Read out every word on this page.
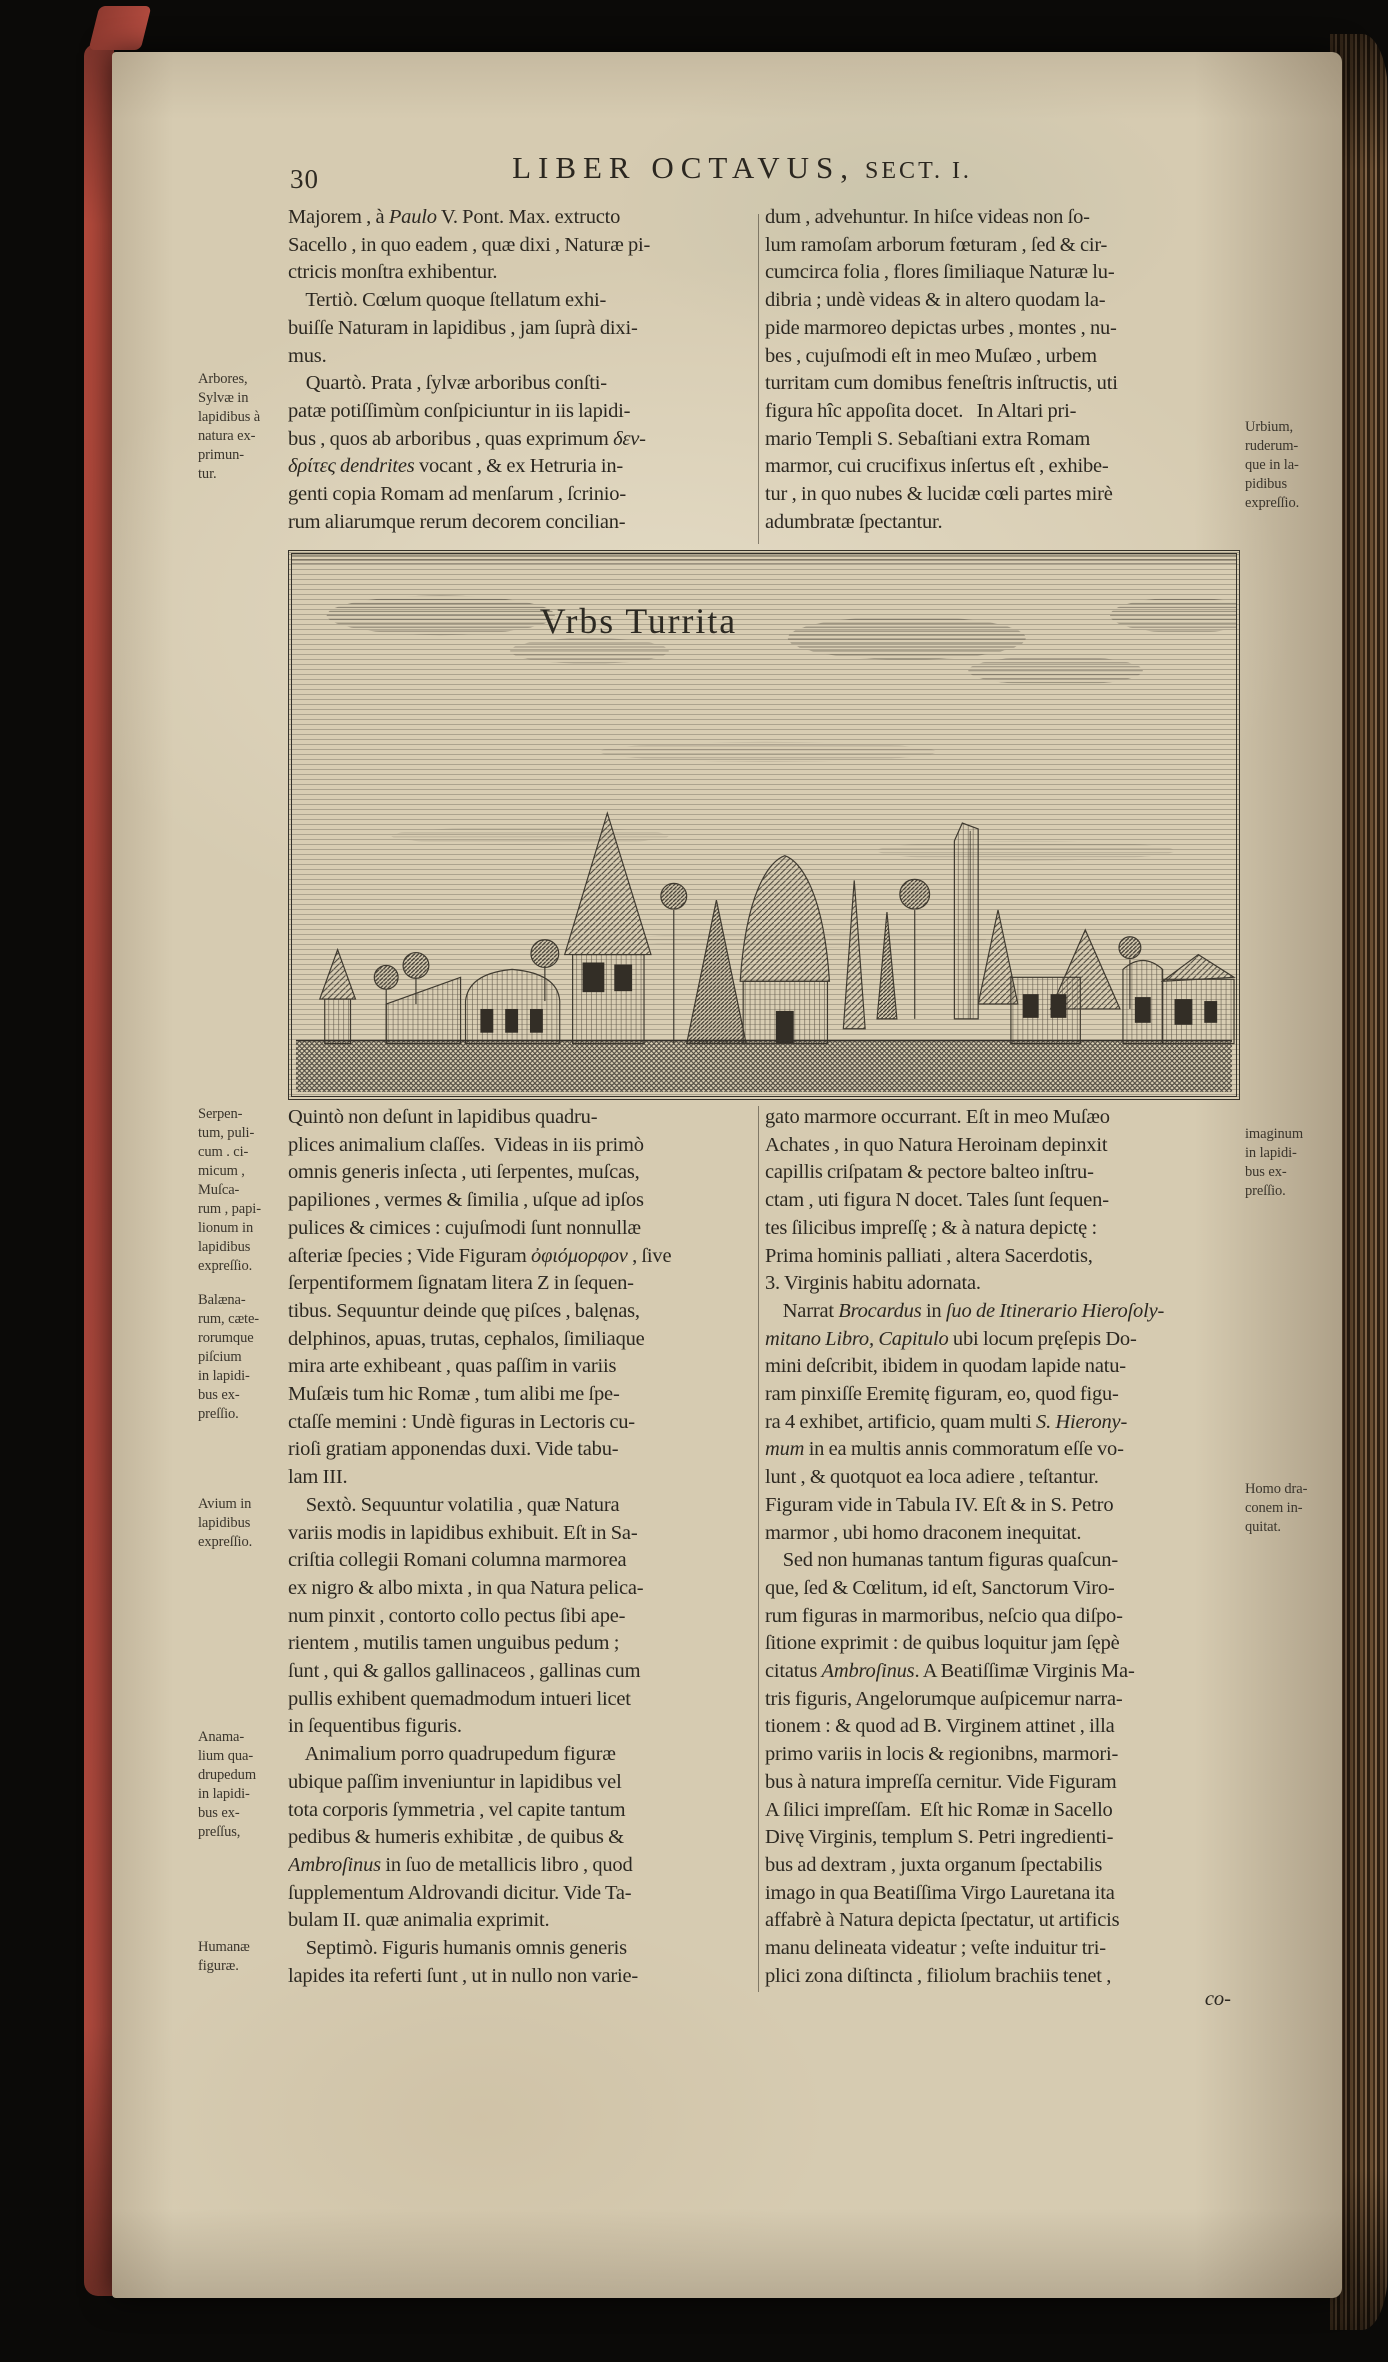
30	LIBER OCTAVUS, SECT. I.
Majorem , à Paulo V. Pont. Max. extructo
Sacello , in quo eadem , quæ dixi , Naturæ pi-
ctricis monſtra exhibentur.
Tertiò. Cœlum quoque ſtellatum exhi-
buiſſe Naturam in lapidibus , jam ſuprà dixi-
mus.
Quartò. Prata , ſylvæ arboribus conſti-
patæ potiſſimùm conſpiciuntur in iis lapidi-
bus , quos ab arboribus , quas exprimum δεν-
δρίτες dendrites vocant , & ex Hetruria in-
genti copia Romam ad menſarum , ſcrinio-
rum aliarumque rerum decorem concilian-
dum , advehuntur. In hiſce videas non ſo-
lum ramoſam arborum fœturam , ſed & cir-
cumcirca folia , flores ſimiliaque Naturæ lu-
dibria ; undè videas & in altero quodam la-
pide marmoreo depictas urbes , montes , nu-
bes , cujuſmodi eſt in meo Muſæo , urbem
turritam cum domibus feneſtris inſtructis, uti
figura hîc appoſita docet.   In Altari pri-
mario Templi S. Sebaſtiani extra Romam
marmor, cui crucifixus inſertus eſt , exhibe-
tur , in quo nubes & lucidæ cœli partes mirè
adumbratæ ſpectantur.
Vrbs Turrita
Quintò non deſunt in lapidibus quadru-
plices animalium claſſes.  Videas in iis primò
omnis generis inſecta , uti ſerpentes, muſcas,
papiliones , vermes & ſimilia , uſque ad ipſos
pulices & cimices : cujuſmodi ſunt nonnullæ
aſteriæ ſpecies ; Vide Figuram ὀφιόμορφον , ſive
ſerpentiformem ſignatam litera Z in ſequen-
tibus. Sequuntur deinde quę piſces , balęnas,
delphinos, apuas, trutas, cephalos, ſimiliaque
mira arte exhibeant , quas paſſim in variis
Muſæis tum hic Romæ , tum alibi me ſpe-
ctaſſe memini : Undè figuras in Lectoris cu-
rioſi gratiam apponendas duxi. Vide tabu-
lam III.
Sextò. Sequuntur volatilia , quæ Natura
variis modis in lapidibus exhibuit. Eſt in Sa-
criſtia collegii Romani columna marmorea
ex nigro & albo mixta , in qua Natura pelica-
num pinxit , contorto collo pectus ſibi ape-
rientem , mutilis tamen unguibus pedum ;
ſunt , qui & gallos gallinaceos , gallinas cum
pullis exhibent quemadmodum intueri licet
in ſequentibus figuris.
Animalium porro quadrupedum figuræ
ubique paſſim inveniuntur in lapidibus vel
tota corporis ſymmetria , vel capite tantum
pedibus & humeris exhibitæ , de quibus &
Ambroſinus in ſuo de metallicis libro , quod
ſupplementum Aldrovandi dicitur. Vide Ta-
bulam II. quæ animalia exprimit.
Septimò. Figuris humanis omnis generis
lapides ita referti ſunt , ut in nullo non varie-
gato marmore occurrant. Eſt in meo Muſæo
Achates , in quo Natura Heroinam depinxit
capillis criſpatam & pectore balteo inſtru-
ctam , uti figura N docet. Tales ſunt ſequen-
tes ſilicibus impreſſę ; & à natura depictę :
Prima hominis palliati , altera Sacerdotis,
3. Virginis habitu adornata.
Narrat Brocardus in ſuo de Itinerario Hieroſoly-
mitano Libro, Capitulo ubi locum pręſepis Do-
mini deſcribit, ibidem in quodam lapide natu-
ram pinxiſſe Eremitę figuram, eo, quod figu-
ra 4 exhibet, artificio, quam multi S. Hierony-
mum in ea multis annis commoratum eſſe vo-
lunt , & quotquot ea loca adiere , teſtantur.
Figuram vide in Tabula IV. Eſt & in S. Petro
marmor , ubi homo draconem inequitat.
Sed non humanas tantum figuras quaſcun-
que, ſed & Cœlitum, id eſt, Sanctorum Viro-
rum figuras in marmoribus, neſcio qua diſpo-
ſitione exprimit : de quibus loquitur jam ſępè
citatus Ambroſinus. A Beatiſſimæ Virginis Ma-
tris figuris, Angelorumque auſpicemur narra-
tionem : & quod ad B. Virginem attinet , illa
primo variis in locis & regionibns, marmori-
bus à natura impreſſa cernitur. Vide Figuram
A ſilici impreſſam.  Eſt hic Romæ in Sacello
Divę Virginis, templum S. Petri ingredienti-
bus ad dextram , juxta organum ſpectabilis
imago in qua Beatiſſima Virgo Lauretana ita
affabrè à Natura depicta ſpectatur, ut artificis
manu delineata videatur ; veſte induitur tri-
plici zona diſtincta , filiolum brachiis tenet ,
co-
Arbores,
Sylvæ in
lapidibus à
natura ex-
primun-
tur.
Serpen-
tum, puli-
cum . ci-
micum ,
Muſca-
rum , papi-
lionum in
lapidibus
expreſſio.
Balæna-
rum, cæte-
rorumque
piſcium
in lapidi-
bus ex-
preſſio.
Avium in
lapidibus
expreſſio.
Anama-
lium qua-
drupedum
in lapidi-
bus ex-
preſſus,
Humanæ
figuræ.
Urbium,
ruderum-
que in la-
pidibus
expreſſio.
imaginum
in lapidi-
bus ex-
preſſio.
Homo dra-
conem in-
quitat.
